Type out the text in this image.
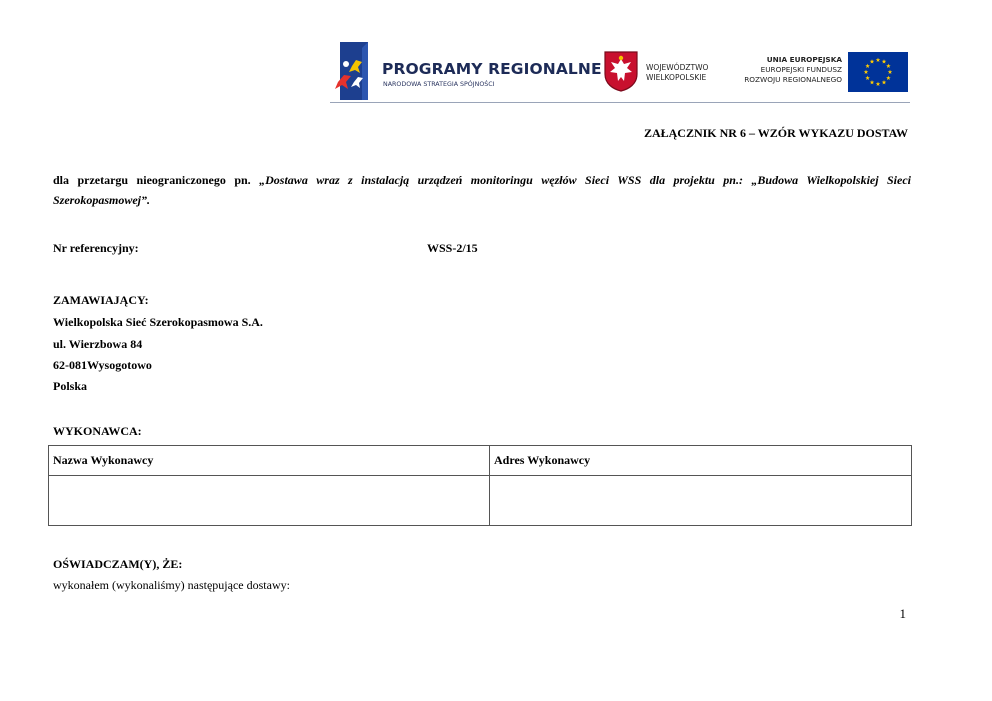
PROGRAMY REGIONALNE
NARODOWA STRATEGIA SPÓJNOŚCI
WOJEWÓDZTWO
WIELKOPOLSKIE
UNIA EUROPEJSKA
EUROPEJSKI FUNDUSZ
ROZWOJU REGIONALNEGO
ZAŁĄCZNIK NR 6 – WZÓR WYKAZU DOSTAW
dla przetargu nieograniczonego pn. „Dostawa wraz z instalacją urządzeń monitoringu węzłów Sieci WSS dla projektu pn.: „Budowa Wielkopolskiej Sieci Szerokopasmowej”.
Nr referencyjny:	WSS-2/15
ZAMAWIAJĄCY:
Wielkopolska Sieć Szerokopasmowa S.A.
ul. Wierzbowa 84
62-081Wysogotowo
Polska
WYKONAWCA:
Nazwa Wykonawcy	Adres Wykonawcy

OŚWIADCZAM(Y), ŻE:
wykonałem (wykonaliśmy) następujące dostawy:
1
